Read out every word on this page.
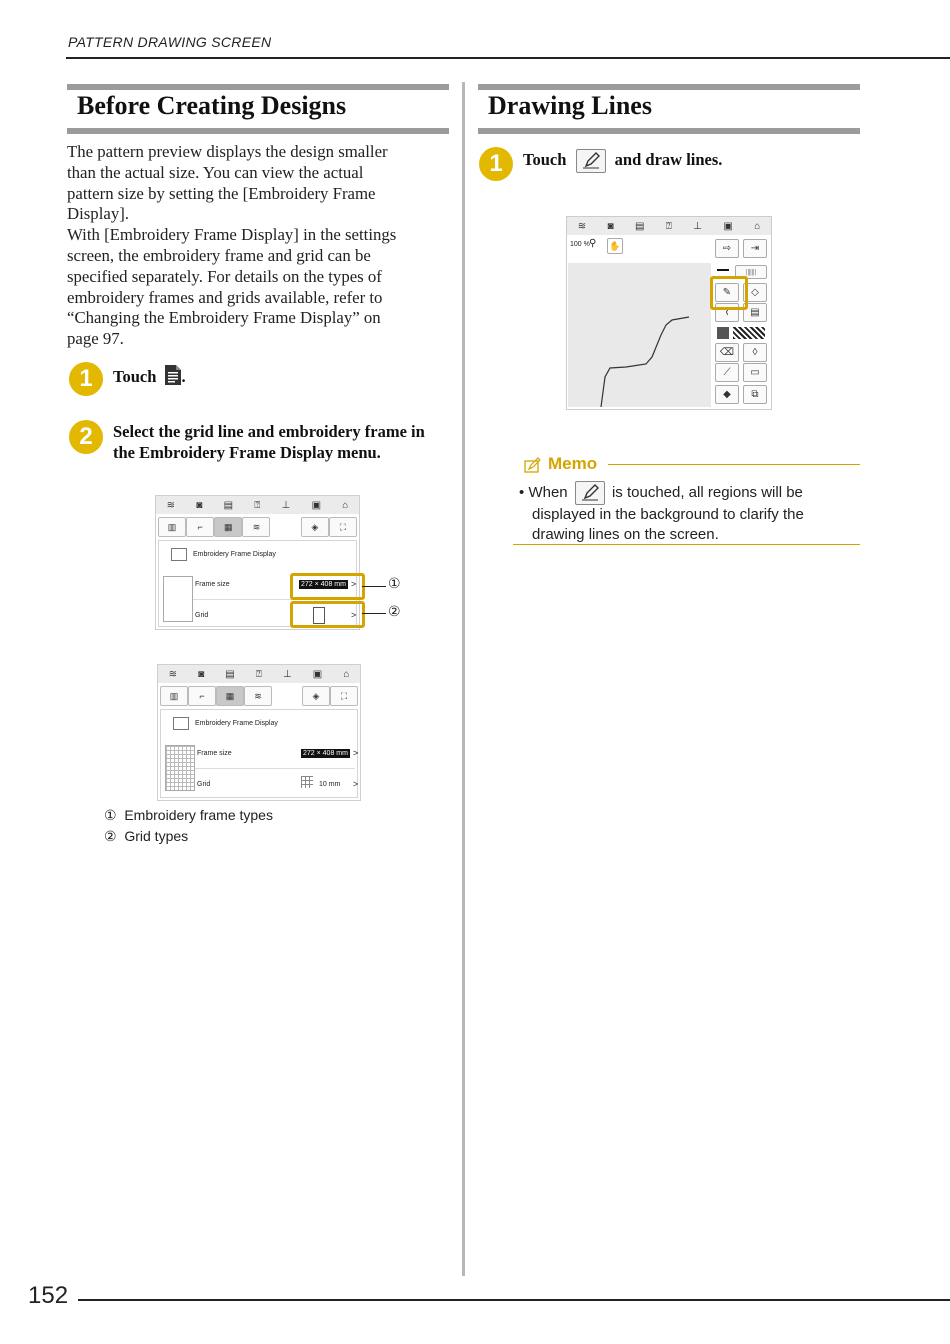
PATTERN DRAWING SCREEN
Before Creating Designs
The pattern preview displays the design smaller
than the actual size. You can view the actual
pattern size by setting the [Embroidery Frame
Display].
With [Embroidery Frame Display] in the settings
screen, the embroidery frame and grid can be
specified separately. For details on the types of
embroidery frames and grids available, refer to
“Changing the Embroidery Frame Display” on
page 97.
1	Touch .
2	Select the grid line and embroidery frame in
the Embroidery Frame Display menu.
≋ ◙ ▤ ⍰ ⊥ ▣ ⌂
▥	⌐	▦	≋	◈	⛶
Embroidery Frame Display
Frame size	272 × 408 mm >
Grid	>
①
②
≋ ◙ ▤ ⍰ ⊥ ▣ ⌂
▥	⌐	▦	≋	◈	⛶
Embroidery Frame Display
Frame size	272 × 408 mm >
Grid	10 mm >
① Embroidery frame types
② Grid types
Drawing Lines
1	Touch	and draw lines.
≋ ◙ ▤ ⍰ ⊥ ▣ ⌂
100 % ⚲ ✋	⇨	⇥
|||||||
✎	◇
⌇	▤
⌫	◊
⟋	▭
◆	⧉
Memo
• When	is touched, all regions will be
displayed in the background to clarify the
drawing lines on the screen.
152
